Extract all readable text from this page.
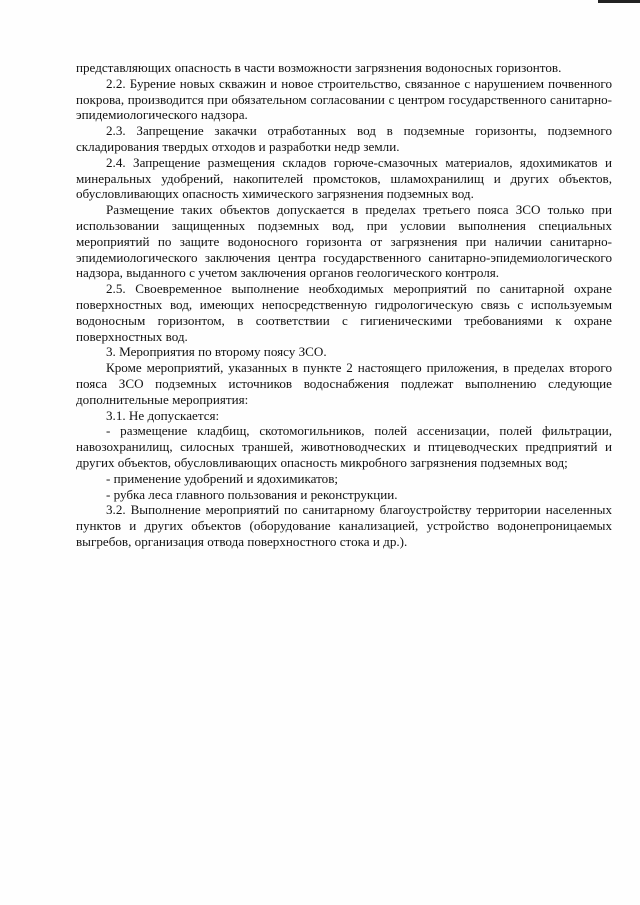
представляющих опасность в части возможности загрязнения водоносных горизонтов.

2.2. Бурение новых скважин и новое строительство, связанное с нарушением почвенного покрова, производится при обязательном согласовании с центром государственного санитарно-эпидемиологического надзора.

2.3. Запрещение закачки отработанных вод в подземные горизонты, подземного складирования твердых отходов и разработки недр земли.

2.4. Запрещение размещения складов горюче-смазочных материалов, ядохимикатов и минеральных удобрений, накопителей промстоков, шламохранилищ и других объектов, обусловливающих опасность химического загрязнения подземных вод.

Размещение таких объектов допускается в пределах третьего пояса ЗСО только при использовании защищенных подземных вод, при условии выполнения специальных мероприятий по защите водоносного горизонта от загрязнения при наличии санитарно-эпидемиологического заключения центра государственного санитарно-эпидемиологического надзора, выданного с учетом заключения органов геологического контроля.

2.5. Своевременное выполнение необходимых мероприятий по санитарной охране поверхностных вод, имеющих непосредственную гидрологическую связь с используемым водоносным горизонтом, в соответствии с гигиеническими требованиями к охране поверхностных вод.

3. Мероприятия по второму поясу ЗСО.

Кроме мероприятий, указанных в пункте 2 настоящего приложения, в пределах второго пояса ЗСО подземных источников водоснабжения подлежат выполнению следующие дополнительные мероприятия:

3.1. Не допускается:

- размещение кладбищ, скотомогильников, полей ассенизации, полей фильтрации, навозохранилищ, силосных траншей, животноводческих и птицеводческих предприятий и других объектов, обусловливающих опасность микробного загрязнения подземных вод;

- применение удобрений и ядохимикатов;

- рубка леса главного пользования и реконструкции.

3.2. Выполнение мероприятий по санитарному благоустройству территории населенных пунктов и других объектов (оборудование канализацией, устройство водонепроницаемых выгребов, организация отвода поверхностного стока и др.).
